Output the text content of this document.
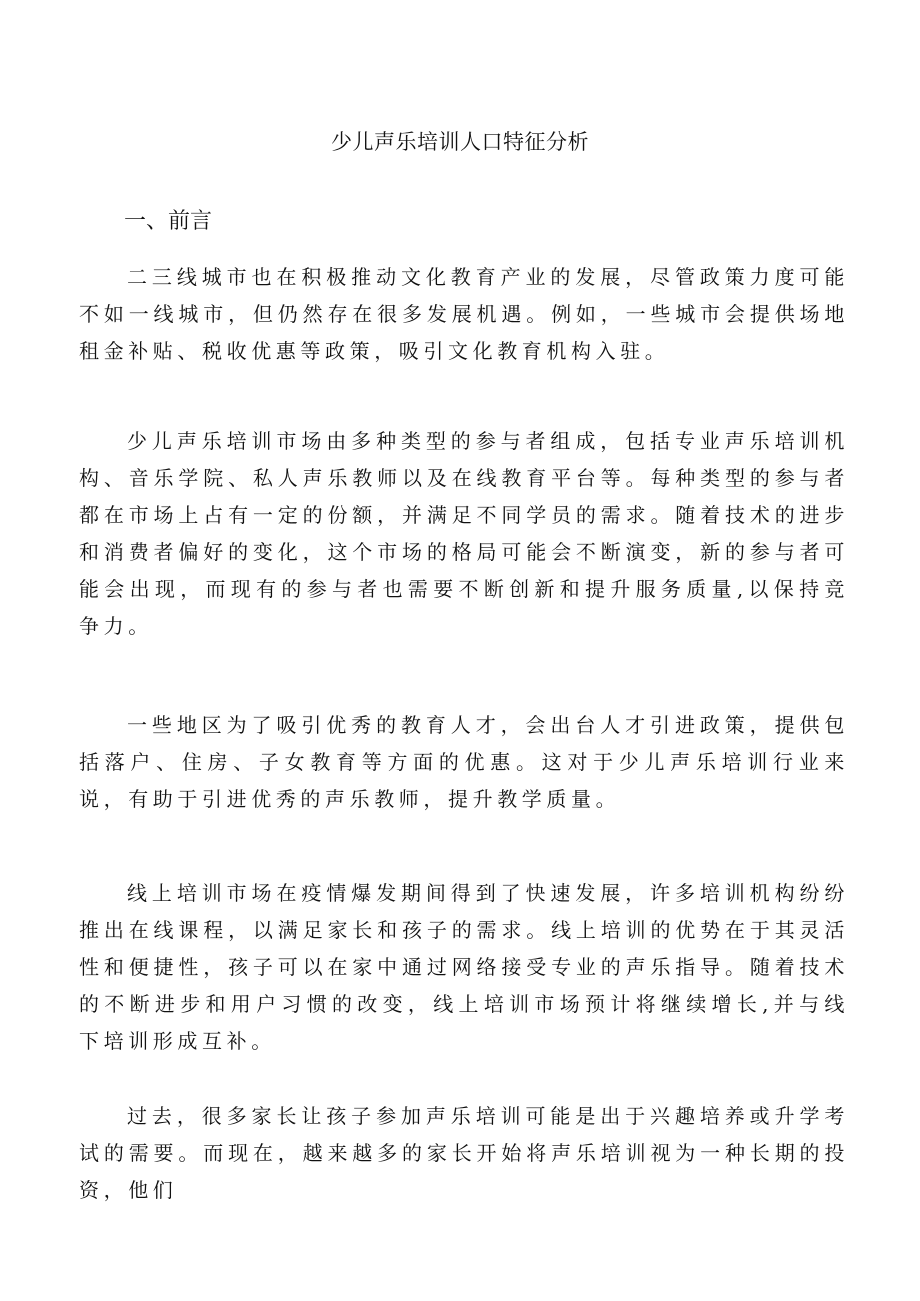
少儿声乐培训人口特征分析
一、前言

二三线城市也在积极推动文化教育产业的发展，尽管政策力度可能不如一线城市，但仍然存在很多发展机遇。例如，一些城市会提供场地租金补贴、税收优惠等政策，吸引文化教育机构入驻。

少儿声乐培训市场由多种类型的参与者组成，包括专业声乐培训机构、音乐学院、私人声乐教师以及在线教育平台等。每种类型的参与者都在市场上占有一定的份额，并满足不同学员的需求。随着技术的进步和消费者偏好的变化，这个市场的格局可能会不断演变，新的参与者可能会出现，而现有的参与者也需要不断创新和提升服务质量,以保持竞争力。

一些地区为了吸引优秀的教育人才，会出台人才引进政策，提供包括落户、住房、子女教育等方面的优惠。这对于少儿声乐培训行业来说，有助于引进优秀的声乐教师，提升教学质量。

线上培训市场在疫情爆发期间得到了快速发展，许多培训机构纷纷推出在线课程，以满足家长和孩子的需求。线上培训的优势在于其灵活性和便捷性，孩子可以在家中通过网络接受专业的声乐指导。随着技术的不断进步和用户习惯的改变，线上培训市场预计将继续增长,并与线下培训形成互补。

过去，很多家长让孩子参加声乐培训可能是出于兴趣培养或升学考试的需要。而现在，越来越多的家长开始将声乐培训视为一种长期的投资，他们
